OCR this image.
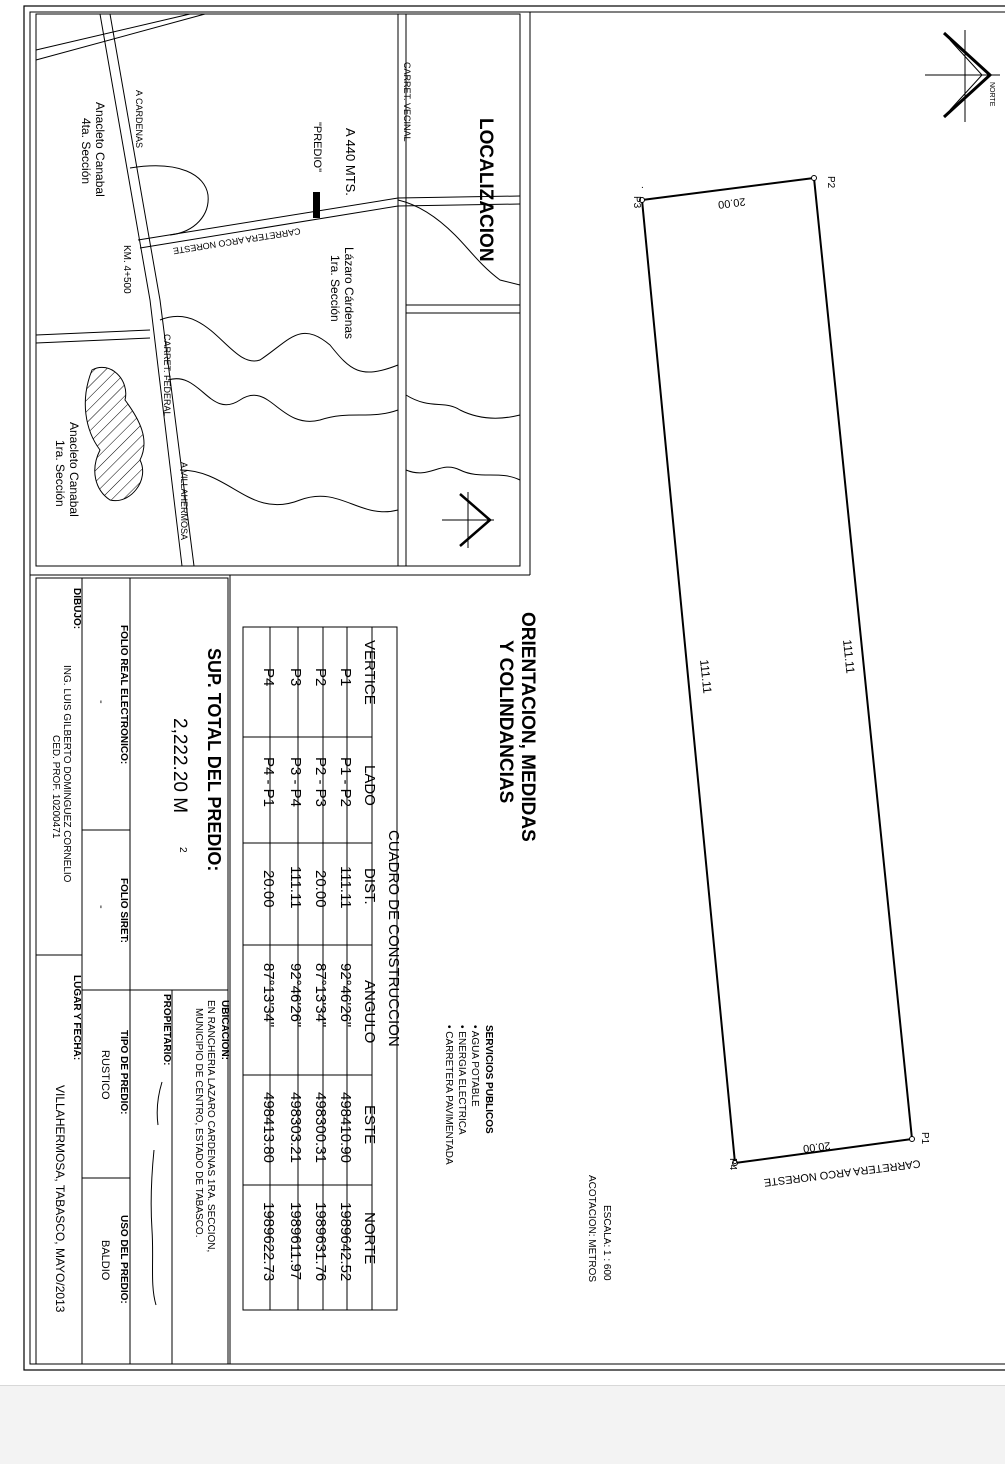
LOCALIZACION
CARRET. VECINAL
A 440 MTS.
"PREDIO"
CARRETERA ARCO NORESTE
Lázaro Cárdenas
1ra. Sección
A CARDENAS
Anacleto Canabal
4ta. Sección
KM. 4+500
CARRET. FEDERAL
A VILLAHERMOSA
Anacleto Canabal
1ra. Sección
NORTE
P2
P3
.
P1
P4
20.00
111.11
111.11
20.00
CARRETERA ARCO NORESTE
ORIENTACION, MEDIDAS
Y COLINDANCIAS
ESCALA: 1 : 600
ACOTACION: METROS
SERVICIOS PUBLICOS
• AGUA POTABLE
• ENERGIA ELECTRICA
• CARRETERA PAVIMENTADA
CUADRO DE CONSTRUCCION
VERTICE
LADO
DIST.
ANGULO
ESTE
NORTE
P1
P1 - P2
111.11
92°46'26"
498410.90
1989642.52
P2
P2 - P3
20.00
87°13'34"
498300.31
1989631.76
P3
P3 - P4
111.11
92°46'26"
498303.21
1989611.97
P4
P4 - P1
20.00
87°13'34"
498413.80
1989622.73
SUP. TOTAL DEL PREDIO:
2,222.20 M
2
UBICACION:
EN RANCHERIA LAZARO CARDENAS 1RA. SECCION,
MUNICIPIO DE CENTRO, ESTADO DE TABASCO.
PROPIETARIO:
FOLIO REAL ELECTRONICO:
-
FOLIO SIRET:
-
TIPO DE PREDIO:
RUSTICO
USO DEL PREDIO:
BALDIO
DIBUJO:
ING. LUIS GILBERTO DOMINGUEZ CORNELIO
CED. PROF. 10200471
LUGAR Y FECHA:
VILLAHERMOSA, TABASCO, MAYO/2013
